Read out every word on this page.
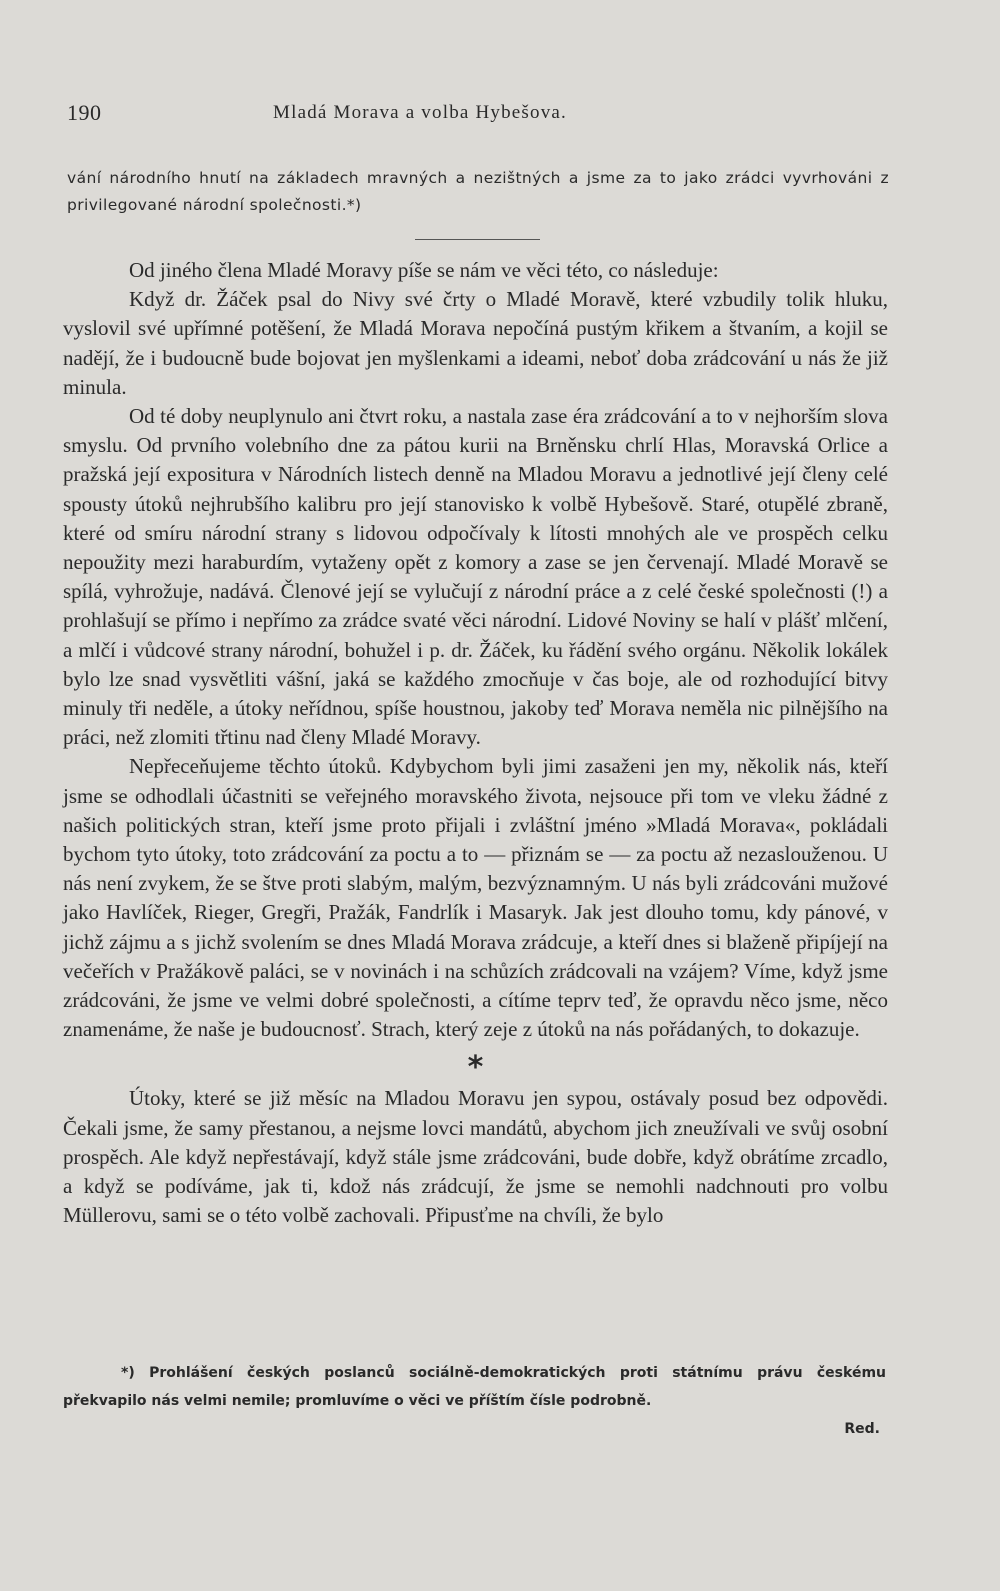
190	Mladá Morava a volba Hybešova.

vání národního hnutí na základech mravných a nezištných a jsme za to jako zrádci vyvrhováni z privilegované národní společnosti.*)

Od jiného člena Mladé Moravy píše se nám ve věci této, co následuje:

Když dr. Žáček psal do Nivy své črty o Mladé Moravě, které vzbudily tolik hluku, vyslovil své upřímné potěšení, že Mladá Morava nepočíná pustým křikem a štvaním, a kojil se nadějí, že i budoucně bude bojovat jen myšlenkami a ideami, neboť doba zrádcování u nás že již minula.

Od té doby neuplynulo ani čtvrt roku, a nastala zase éra zrádcování a to v nejhorším slova smyslu. Od prvního volebního dne za pátou kurii na Brněnsku chrlí Hlas, Moravská Orlice a pražská její expositura v Národních listech denně na Mladou Moravu a jednotlivé její členy celé spousty útoků nejhrubšího kalibru pro její stanovisko k volbě Hybešově. Staré, otupělé zbraně, které od smíru národní strany s lidovou odpočívaly k lítosti mnohých ale ve prospěch celku nepoužity mezi haraburdím, vytaženy opět z komory a zase se jen červenají. Mladé Moravě se spílá, vyhrožuje, nadává. Členové její se vylučují z národní práce a z celé české společnosti (!) a prohlašují se přímo i nepřímo za zrádce svaté věci národní. Lidové Noviny se halí v plášť mlčení, a mlčí i vůdcové strany národní, bohužel i p. dr. Žáček, ku řádění svého orgánu. Několik lokálek bylo lze snad vysvětliti vášní, jaká se každého zmocňuje v čas boje, ale od rozhodující bitvy minuly tři neděle, a útoky neřídnou, spíše houstnou, jakoby teď Morava neměla nic pilnějšího na práci, než zlomiti třtinu nad členy Mladé Moravy.

Nepřeceňujeme těchto útoků. Kdybychom byli jimi zasaženi jen my, několik nás, kteří jsme se odhodlali účastniti se veřejného moravského života, nejsouce při tom ve vleku žádné z našich politických stran, kteří jsme proto přijali i zvláštní jméno »Mladá Morava«, pokládali bychom tyto útoky, toto zrádcování za poctu a to — přiznám se — za poctu až nezaslouženou. U nás není zvykem, že se štve proti slabým, malým, bezvýznamným. U nás byli zrádcováni mužové jako Havlíček, Rieger, Gregři, Pražák, Fandrlík i Masaryk. Jak jest dlouho tomu, kdy pánové, v jichž zájmu a s jichž svolením se dnes Mladá Morava zrádcuje, a kteří dnes si blaženě připíjejí na večeřích v Pražákově paláci, se v novinách i na schůzích zrádcovali na vzájem? Víme, když jsme zrádcováni, že jsme ve velmi dobré společnosti, a cítíme teprv teď, že opravdu něco jsme, něco znamenáme, že naše je budoucnosť. Strach, který zeje z útoků na nás pořádaných, to dokazuje.

*

Útoky, které se již měsíc na Mladou Moravu jen sypou, ostávaly posud bez odpovědi. Čekali jsme, že samy přestanou, a nejsme lovci mandátů, abychom jich zneužívali ve svůj osobní prospěch. Ale když nepřestávají, když stále jsme zrádcováni, bude dobře, když obrátíme zrcadlo, a když se podíváme, jak ti, kdož nás zrádcují, že jsme se nemohli nadchnouti pro volbu Müllerovu, sami se o této volbě zachovali. Připusťme na chvíli, že bylo

*) Prohlášení českých poslanců sociálně-demokratických proti státnímu právu českému překvapilo nás velmi nemile; promluvíme o věci ve příštím čísle podrobně.

Red.
